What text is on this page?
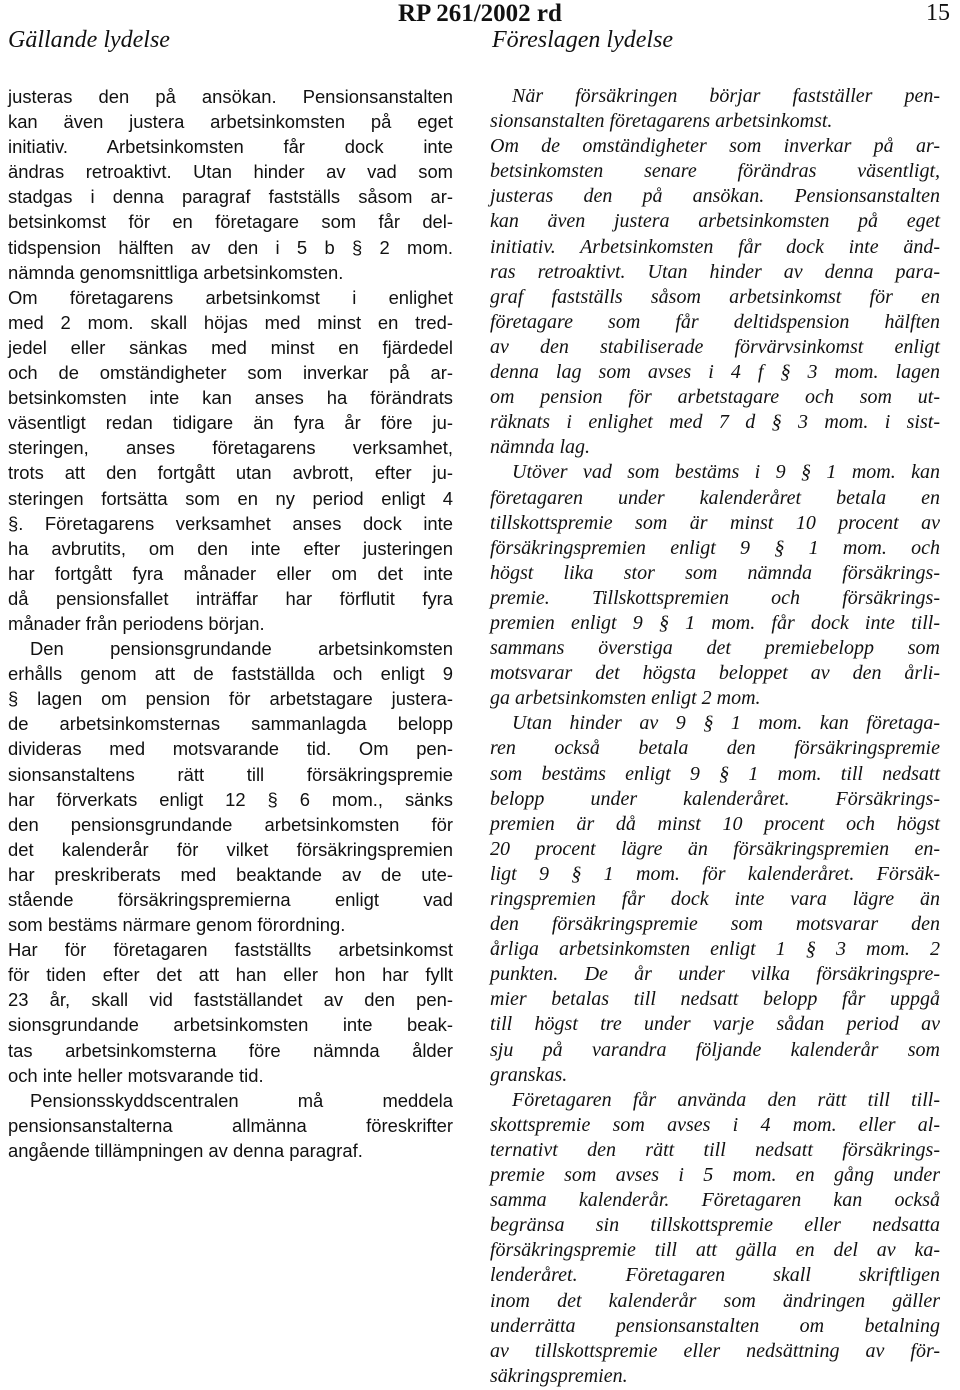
Gällande lydelse
RP 261/2002 rd
Föreslagen lydelse
15
justeras den på ansökan. Pensionsanstalten
kan även justera arbetsinkomsten på eget
initiativ. Arbetsinkomsten får dock inte
ändras retroaktivt. Utan hinder av vad som
stadgas i denna paragraf fastställs såsom ar-
betsinkomst för en företagare som får del-
tidspension hälften av den i 5 b § 2 mom.
nämnda genomsnittliga arbetsinkomsten.
Om företagarens arbetsinkomst i enlighet
med 2 mom. skall höjas med minst en tred-
jedel eller sänkas med minst en fjärdedel
och de omständigheter som inverkar på ar-
betsinkomsten inte kan anses ha förändrats
väsentligt redan tidigare än fyra år före ju-
steringen, anses företagarens verksamhet,
trots att den fortgått utan avbrott, efter ju-
steringen fortsätta som en ny period enligt 4
§. Företagarens verksamhet anses dock inte
ha avbrutits, om den inte efter justeringen
har fortgått fyra månader eller om det inte
då pensionsfallet inträffar har förflutit fyra
månader från periodens början.
Den pensionsgrundande arbetsinkomsten
erhålls genom att de fastställda och enligt 9
§ lagen om pension för arbetstagare justera-
de arbetsinkomsternas sammanlagda belopp
divideras med motsvarande tid. Om pen-
sionsanstaltens rätt till försäkringspremie
har förverkats enligt 12 § 6 mom., sänks
den pensionsgrundande arbetsinkomsten för
det kalenderår för vilket försäkringspremien
har preskriberats med beaktande av de ute-
stående försäkringspremierna enligt vad
som bestäms närmare genom förordning.
Har för företagaren fastställts arbetsinkomst
för tiden efter det att han eller hon har fyllt
23 år, skall vid fastställandet av den pen-
sionsgrundande arbetsinkomsten inte beak-
tas arbetsinkomsterna före nämnda ålder
och inte heller motsvarande tid.
Pensionsskyddscentralen må meddela
pensionsanstalterna allmänna föreskrifter
angående tillämpningen av denna paragraf.
När försäkringen börjar fastställer pen-
sionsanstalten företagarens arbetsinkomst.
Om de omständigheter som inverkar på ar-
betsinkomsten senare förändras väsentligt,
justeras den på ansökan. Pensionsanstalten
kan även justera arbetsinkomsten på eget
initiativ. Arbetsinkomsten får dock inte änd-
ras retroaktivt. Utan hinder av denna para-
graf fastställs såsom arbetsinkomst för en
företagare som får deltidspension hälften
av den stabiliserade förvärvsinkomst enligt
denna lag som avses i 4 f § 3 mom. lagen
om pension för arbetstagare och som ut-
räknats i enlighet med 7 d § 3 mom. i sist-
nämnda lag.
Utöver vad som bestäms i 9 § 1 mom. kan
företagaren under kalenderåret betala en
tillskottspremie som är minst 10 procent av
försäkringspremien enligt 9 § 1 mom. och
högst lika stor som nämnda försäkrings-
premie. Tillskottspremien och försäkrings-
premien enligt 9 § 1 mom. får dock inte till-
sammans överstiga det premiebelopp som
motsvarar det högsta beloppet av den årli-
ga arbetsinkomsten enligt 2 mom.
Utan hinder av 9 § 1 mom. kan företaga-
ren också betala den försäkringspremie
som bestäms enligt 9 § 1 mom. till nedsatt
belopp under kalenderåret. Försäkrings-
premien är då minst 10 procent och högst
20 procent lägre än försäkringspremien en-
ligt 9 § 1 mom. för kalenderåret. Försäk-
ringspremien får dock inte vara lägre än
den försäkringspremie som motsvarar den
årliga arbetsinkomsten enligt 1 § 3 mom. 2
punkten. De år under vilka försäkringspre-
mier betalas till nedsatt belopp får uppgå
till högst tre under varje sådan period av
sju på varandra följande kalenderår som
granskas.
Företagaren får använda den rätt till till-
skottspremie som avses i 4 mom. eller al-
ternativt den rätt till nedsatt försäkrings-
premie som avses i 5 mom. en gång under
samma kalenderår. Företagaren kan också
begränsa sin tillskottspremie eller nedsatta
försäkringspremie till att gälla en del av ka-
lenderåret. Företagaren skall skriftligen
inom det kalenderår som ändringen gäller
underrätta pensionsanstalten om betalning
av tillskottspremie eller nedsättning av för-
säkringspremien.
